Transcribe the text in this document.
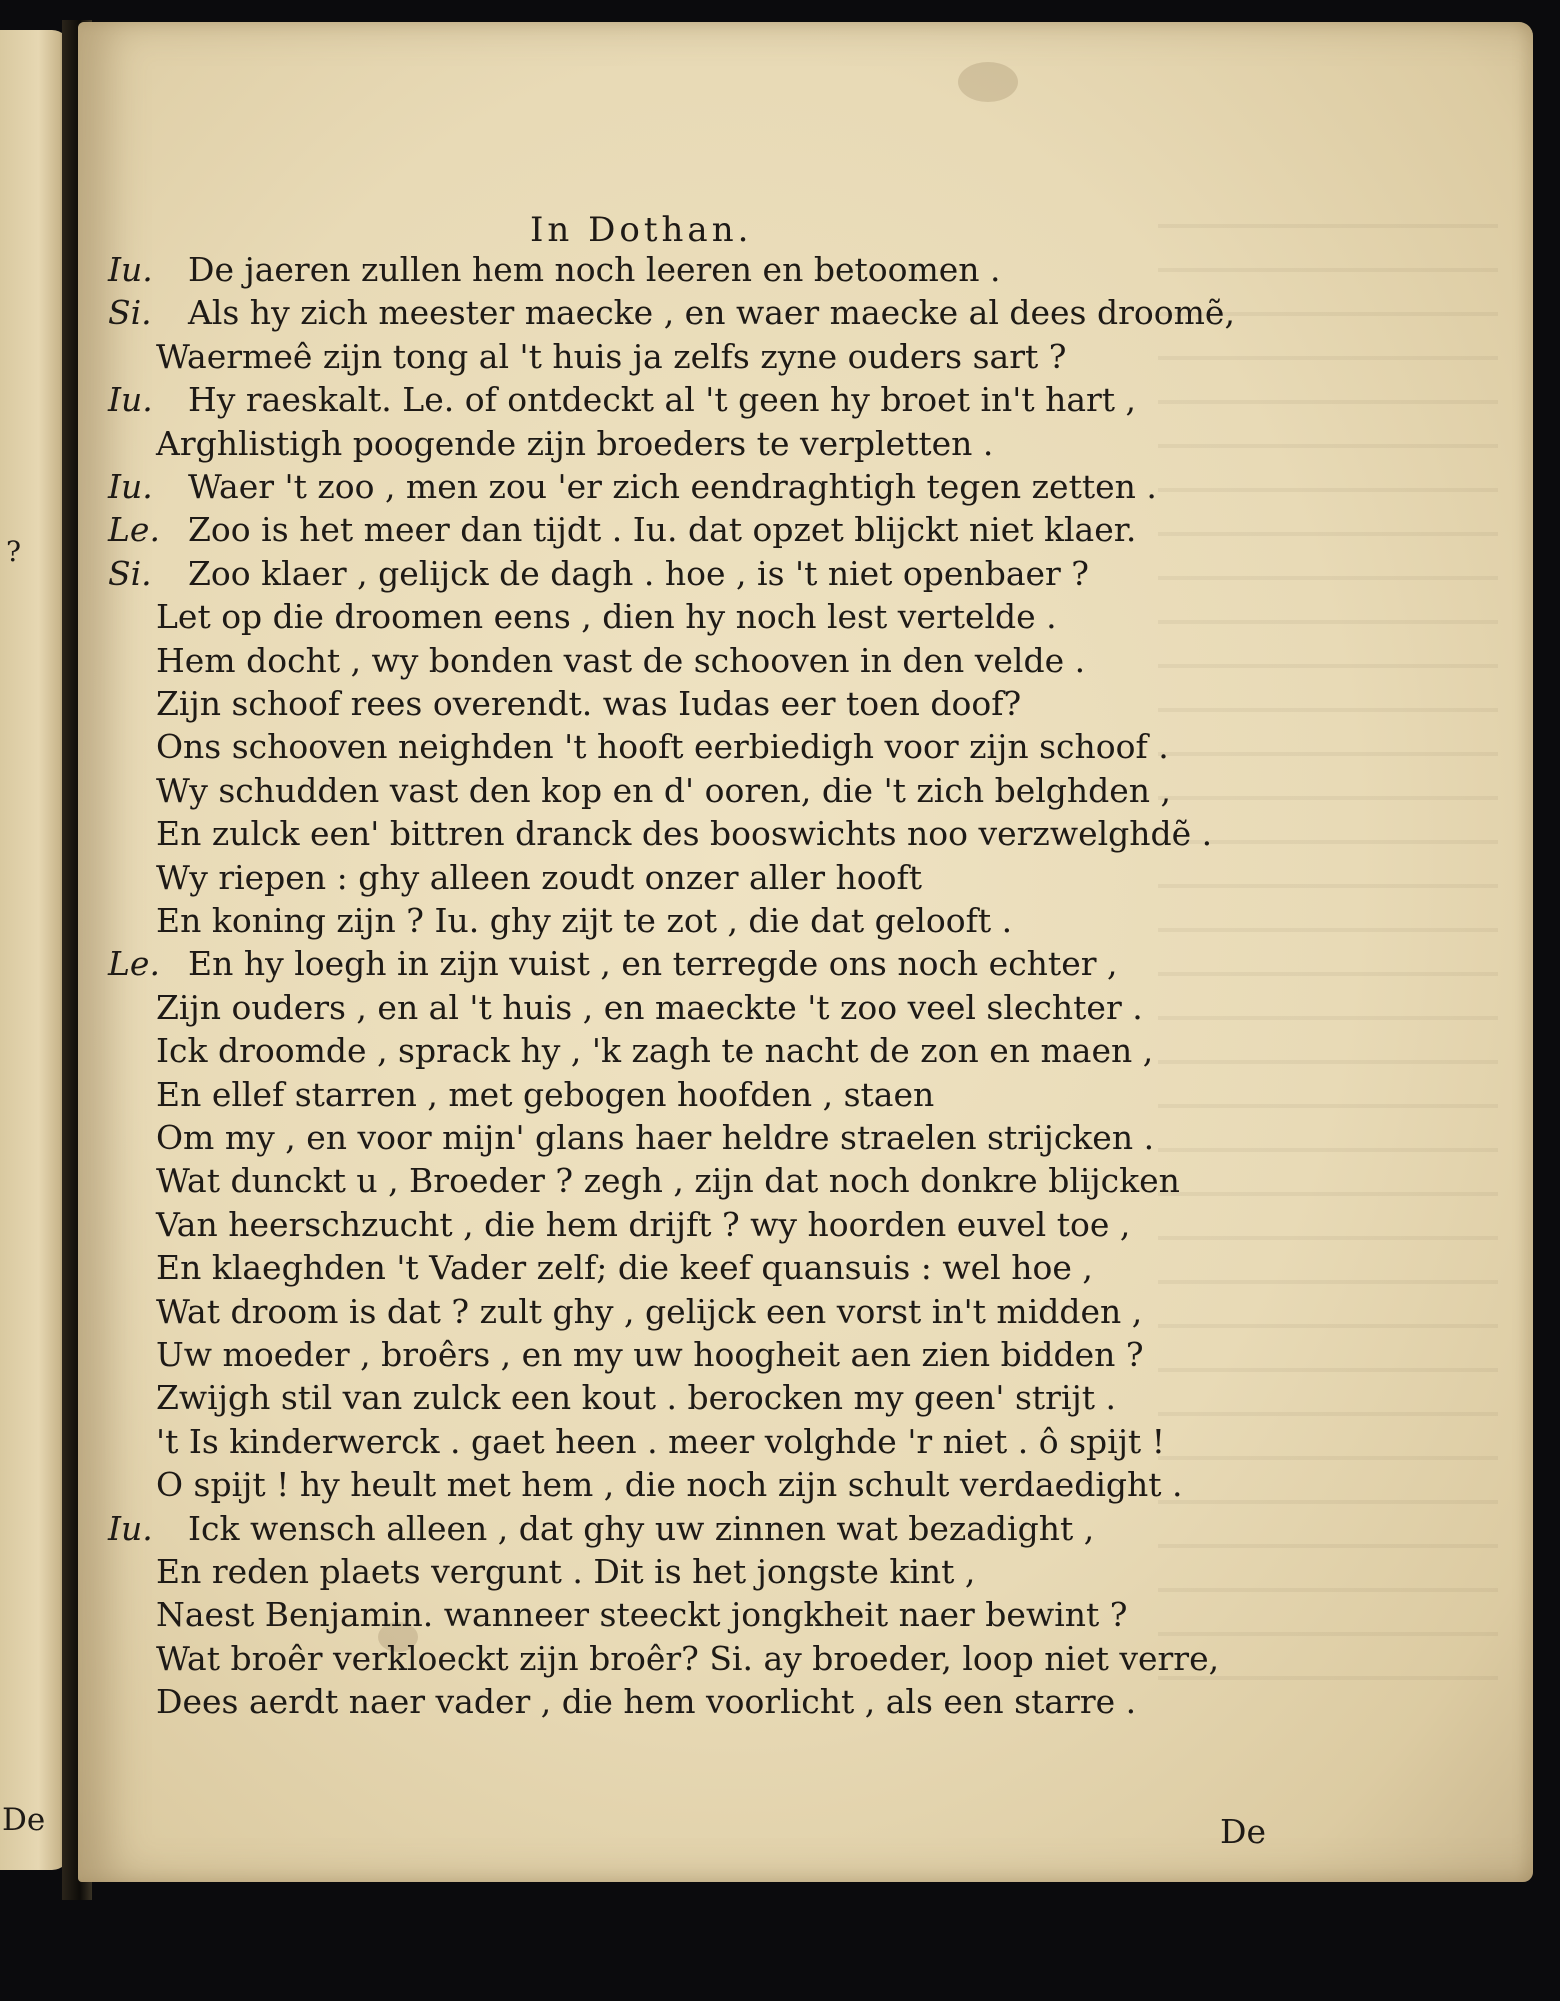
?
De
In Dothan.
Iu. De jaeren zullen hem noch leeren en betoomen .
Si. Als hy zich meester maecke , en waer maecke al dees droomẽ,
Waermeê zijn tong al 't huis ja zelfs zyne ouders sart ?
Iu. Hy raeskalt. Le. of ontdeckt al 't geen hy broet in't hart ,
Arghlistigh poogende zijn broeders te verpletten .
Iu. Waer 't zoo , men zou 'er zich eendraghtigh tegen zetten .
Le. Zoo is het meer dan tijdt . Iu. dat opzet blijckt niet klaer.
Si. Zoo klaer , gelijck de dagh . hoe , is 't niet openbaer ?
Let op die droomen eens , dien hy noch lest vertelde .
Hem docht , wy bonden vast de schooven in den velde .
Zijn schoof rees overendt. was Iudas eer toen doof?
Ons schooven neighden 't hooft eerbiedigh voor zijn schoof .
Wy schudden vast den kop en d' ooren, die 't zich belghden ,
En zulck een' bittren dranck des booswichts noo verzwelghdẽ .
Wy riepen : ghy alleen zoudt onzer aller hooft
En koning zijn ? Iu. ghy zijt te zot , die dat gelooft .
Le. En hy loegh in zijn vuist , en terregde ons noch echter ,
Zijn ouders , en al 't huis , en maeckte 't zoo veel slechter .
Ick droomde , sprack hy , 'k zagh te nacht de zon en maen ,
En ellef starren , met gebogen hoofden , staen
Om my , en voor mijn' glans haer heldre straelen strijcken .
Wat dunckt u , Broeder ? zegh , zijn dat noch donkre blijcken
Van heerschzucht , die hem drijft ? wy hoorden euvel toe ,
En klaeghden 't Vader zelf; die keef quansuis : wel hoe ,
Wat droom is dat ? zult ghy , gelijck een vorst in't midden ,
Uw moeder , broêrs , en my uw hoogheit aen zien bidden ?
Zwijgh stil van zulck een kout . berocken my geen' strijt .
't Is kinderwerck . gaet heen . meer volghde 'r niet . ô spijt !
O spijt ! hy heult met hem , die noch zijn schult verdaedight .
Iu. Ick wensch alleen , dat ghy uw zinnen wat bezadight ,
En reden plaets vergunt . Dit is het jongste kint ,
Naest Benjamin. wanneer steeckt jongkheit naer bewint ?
Wat broêr verkloeckt zijn broêr? Si. ay broeder, loop niet verre,
Dees aerdt naer vader , die hem voorlicht , als een starre .
De
